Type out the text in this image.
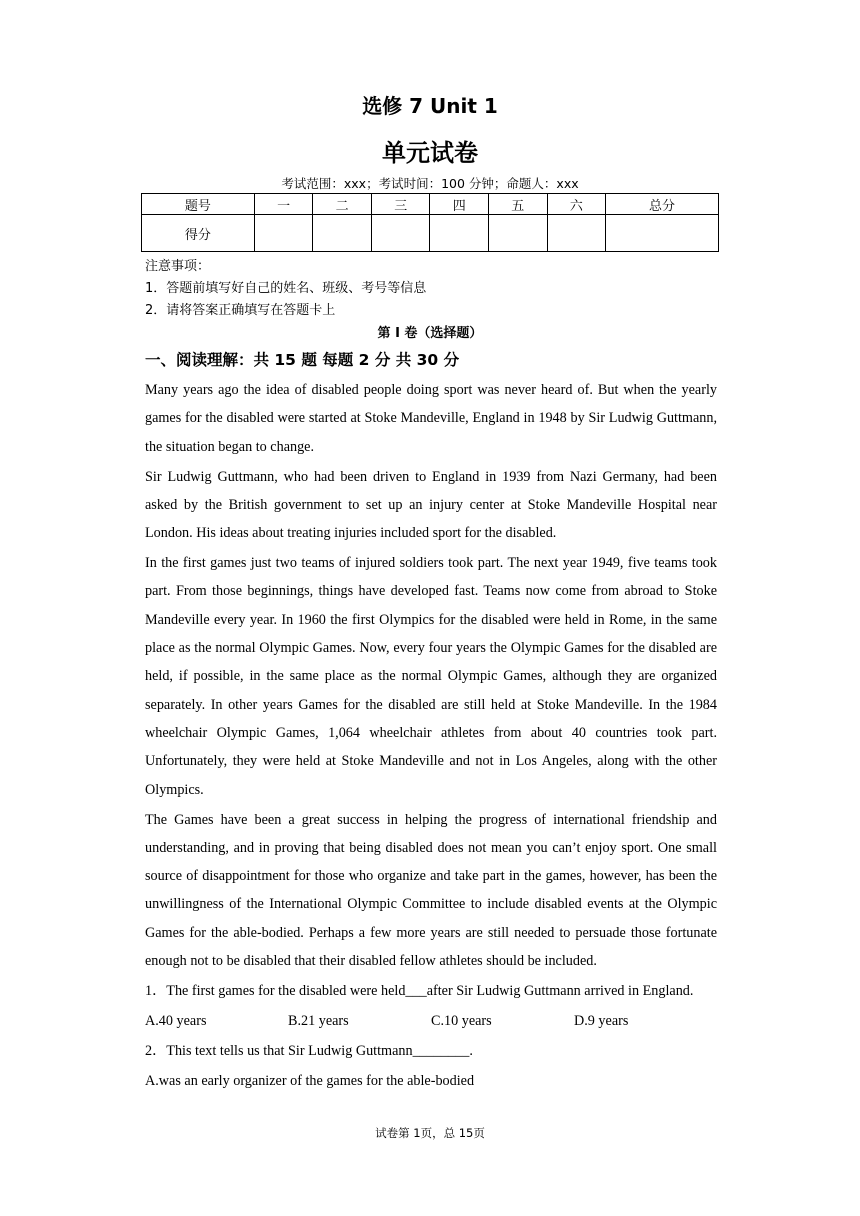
选修 7 Unit 1
单元试卷
考试范围：xxx；考试时间：100 分钟；命题人：xxx
题号	一	二	三	四	五	六	总分
得分							
注意事项：
1．答题前填写好自己的姓名、班级、考号等信息
2．请将答案正确填写在答题卡上
第 I 卷（选择题）
一、阅读理解：共 15 题 每题 2 分 共 30 分

Many years ago the idea of disabled people doing sport was never heard of. But when the yearly games for the disabled were started at Stoke Mandeville, England in 1948 by Sir Ludwig Guttmann, the situation began to change.

Sir Ludwig Guttmann, who had been driven to England in 1939 from Nazi Germany, had been asked by the British government to set up an injury center at Stoke Mandeville Hospital near London. His ideas about treating injuries included sport for the disabled.

In the first games just two teams of injured soldiers took part. The next year 1949, five teams took part. From those beginnings, things have developed fast. Teams now come from abroad to Stoke Mandeville every year. In 1960 the first Olympics for the disabled were held in Rome, in the same place as the normal Olympic Games. Now, every four years the Olympic Games for the disabled are held, if possible, in the same place as the normal Olympic Games, although they are organized separately. In other years Games for the disabled are still held at Stoke Mandeville. In the 1984 wheelchair Olympic Games, 1,064 wheelchair athletes from about 40 countries took part. Unfortunately, they were held at Stoke Mandeville and not in Los Angeles, along with the other Olympics.

The Games have been a great success in helping the progress of international friendship and understanding, and in proving that being disabled does not mean you can’t enjoy sport. One small source of disappointment for those who organize and take part in the games, however, has been the unwillingness of the International Olympic Committee to include disabled events at the Olympic Games for the able-bodied. Perhaps a few more years are still needed to persuade those fortunate enough not to be disabled that their disabled fellow athletes should be included.

1．The first games for the disabled were held___after Sir Ludwig Guttmann arrived in England.
A.40 years	B.21 years	C.10 years	D.9 years
2．This text tells us that Sir Ludwig Guttmann________.
A.was an early organizer of the games for the able-bodied
试卷第 1页，总 15页
